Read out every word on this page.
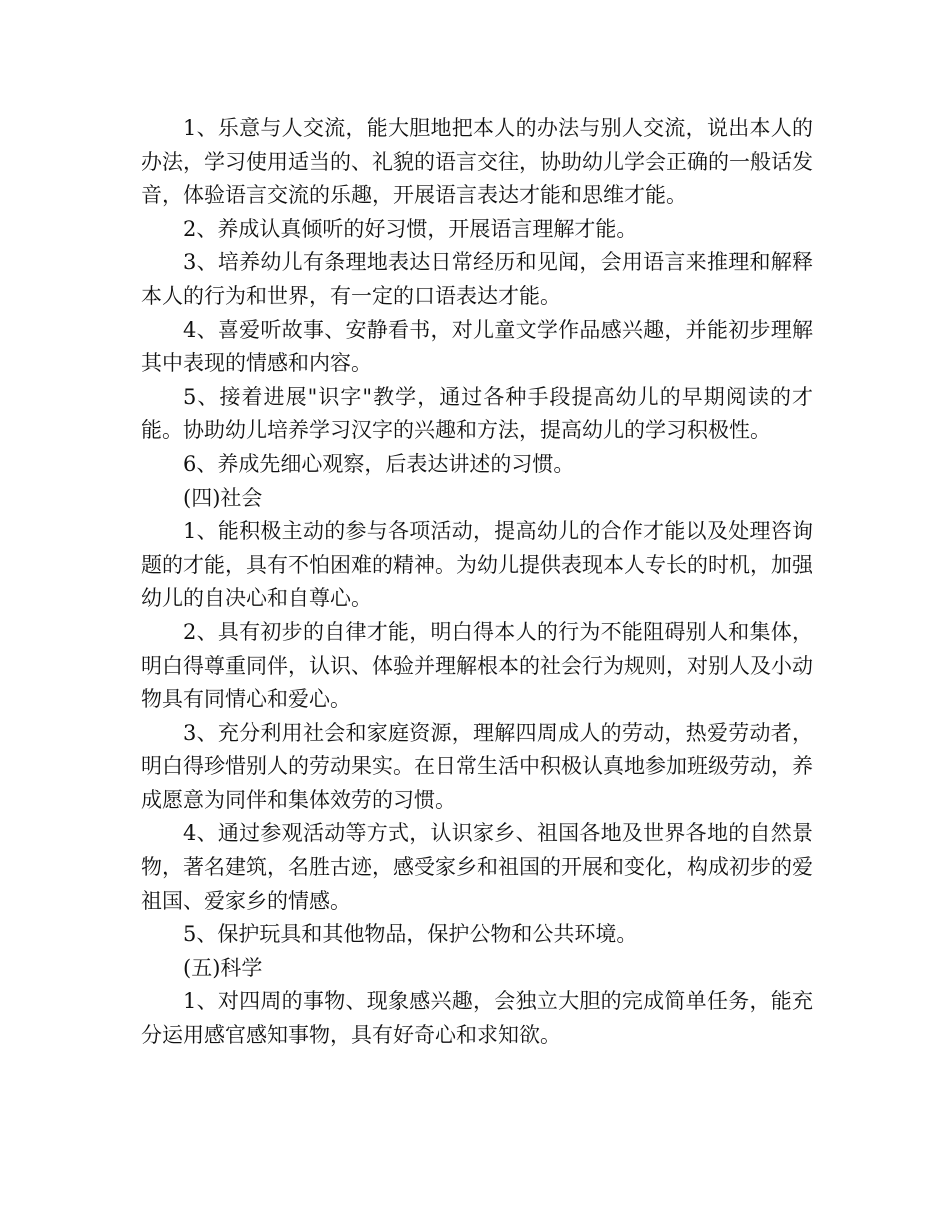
1、乐意与人交流，能大胆地把本人的办法与别人交流，说出本人的办法，学习使用适当的、礼貌的语言交往，协助幼儿学会正确的一般话发音，体验语言交流的乐趣，开展语言表达才能和思维才能。

2、养成认真倾听的好习惯，开展语言理解才能。

3、培养幼儿有条理地表达日常经历和见闻，会用语言来推理和解释本人的行为和世界，有一定的口语表达才能。

4、喜爱听故事、安静看书，对儿童文学作品感兴趣，并能初步理解其中表现的情感和内容。

5、接着进展"识字"教学，通过各种手段提高幼儿的早期阅读的才能。协助幼儿培养学习汉字的兴趣和方法，提高幼儿的学习积极性。

6、养成先细心观察，后表达讲述的习惯。

(四)社会

1、能积极主动的参与各项活动，提高幼儿的合作才能以及处理咨询题的才能，具有不怕困难的精神。为幼儿提供表现本人专长的时机，加强幼儿的自决心和自尊心。

2、具有初步的自律才能，明白得本人的行为不能阻碍别人和集体，明白得尊重同伴，认识、体验并理解根本的社会行为规则，对别人及小动物具有同情心和爱心。

3、充分利用社会和家庭资源，理解四周成人的劳动，热爱劳动者，明白得珍惜别人的劳动果实。在日常生活中积极认真地参加班级劳动，养成愿意为同伴和集体效劳的习惯。

4、通过参观活动等方式，认识家乡、祖国各地及世界各地的自然景物，著名建筑，名胜古迹，感受家乡和祖国的开展和变化，构成初步的爱祖国、爱家乡的情感。

5、保护玩具和其他物品，保护公物和公共环境。

(五)科学

1、对四周的事物、现象感兴趣，会独立大胆的完成简单任务，能充分运用感官感知事物，具有好奇心和求知欲。
